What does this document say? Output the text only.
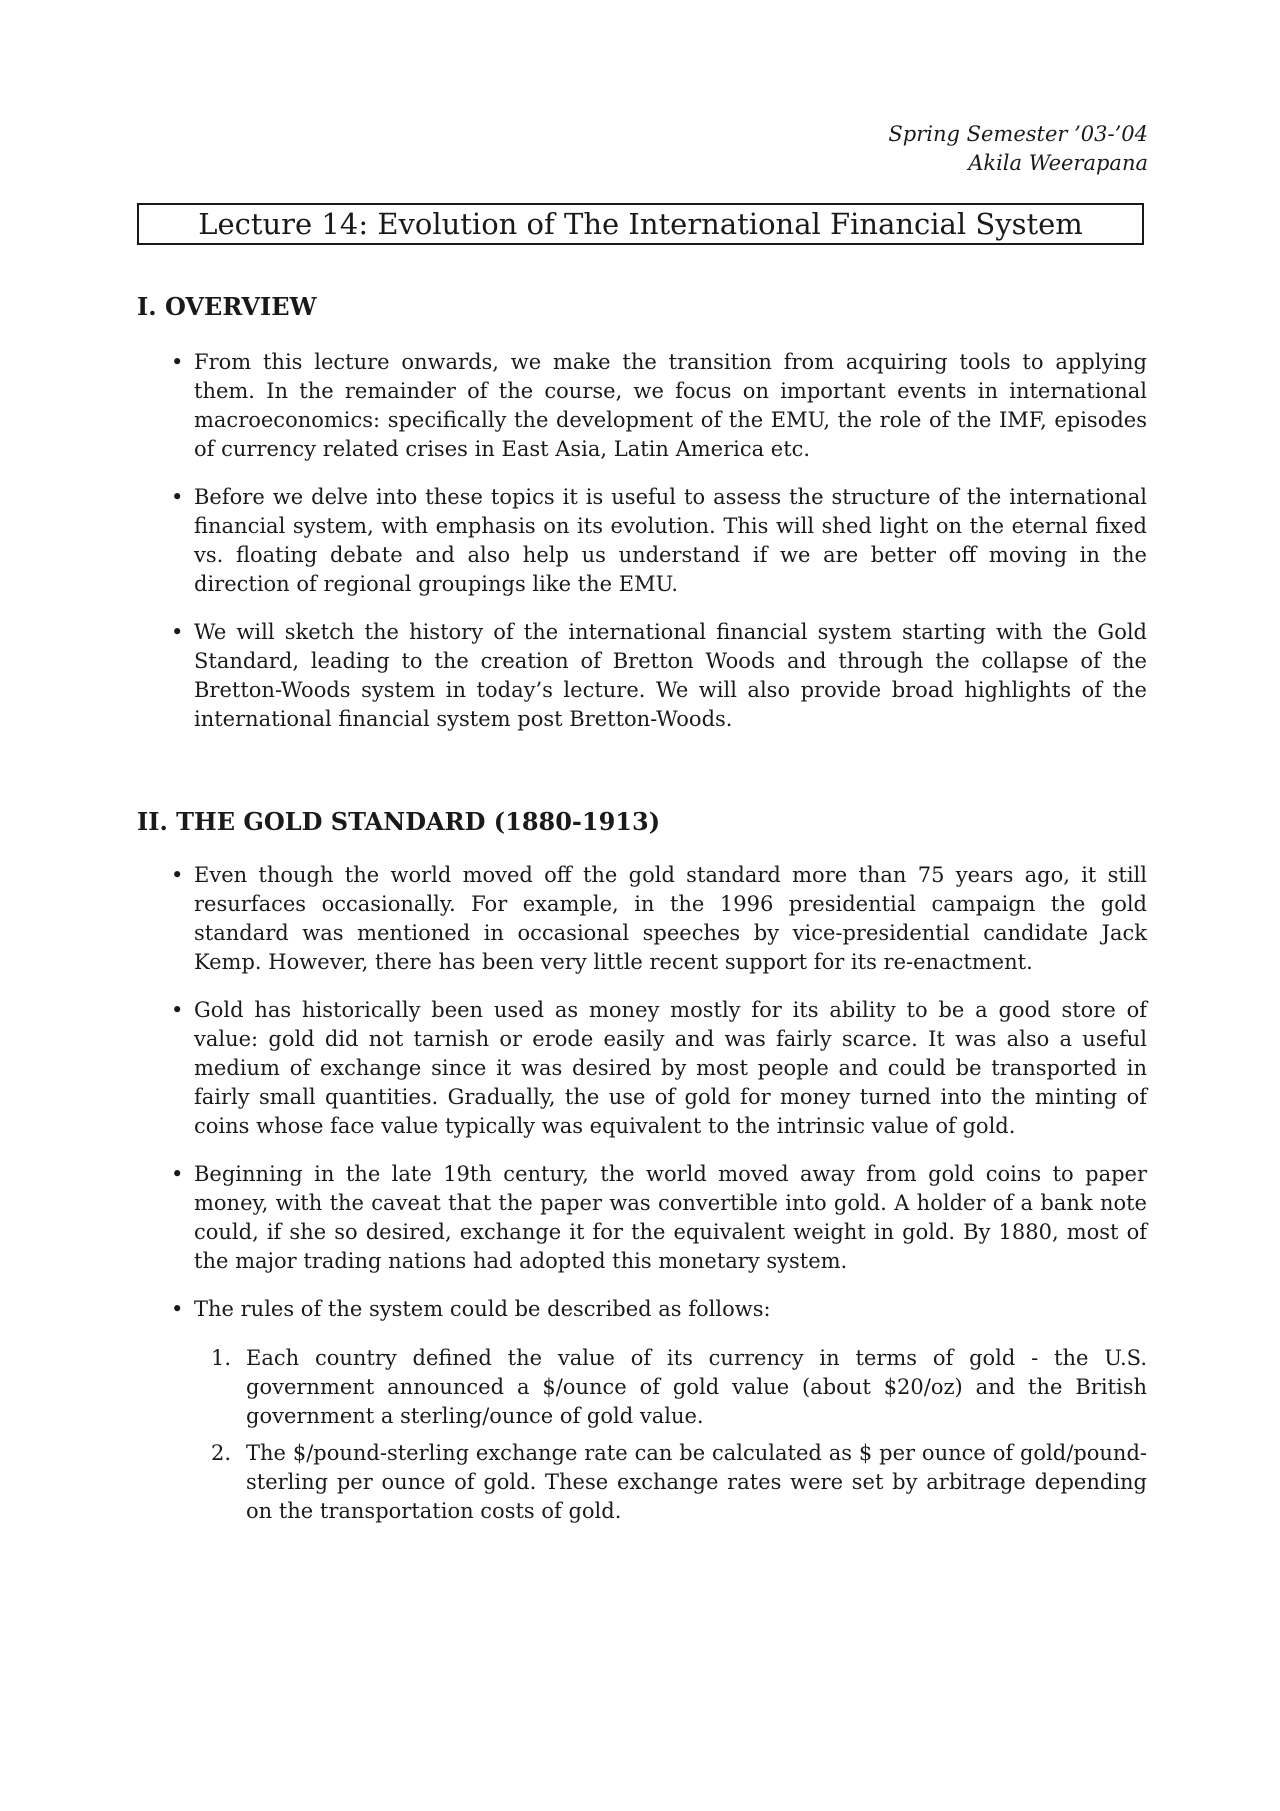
Spring Semester ’03-’04
Akila Weerapana
Lecture 14: Evolution of The International Financial System
I. OVERVIEW
• From this lecture onwards, we make the transition from acquiring tools to applying them. In the remainder of the course, we focus on important events in international macroeconomics: specifically the development of the EMU, the role of the IMF, episodes of currency related crises in East Asia, Latin America etc.
• Before we delve into these topics it is useful to assess the structure of the international financial system, with emphasis on its evolution. This will shed light on the eternal fixed vs. floating debate and also help us understand if we are better off moving in the direction of regional groupings like the EMU.
• We will sketch the history of the international financial system starting with the Gold Standard, leading to the creation of Bretton Woods and through the collapse of the Bretton-Woods system in today’s lecture. We will also provide broad highlights of the international financial system post Bretton-Woods.
II. THE GOLD STANDARD (1880-1913)
• Even though the world moved off the gold standard more than 75 years ago, it still resurfaces occasionally. For example, in the 1996 presidential campaign the gold standard was mentioned in occasional speeches by vice-presidential candidate Jack Kemp. However, there has been very little recent support for its re-enactment.
• Gold has historically been used as money mostly for its ability to be a good store of value: gold did not tarnish or erode easily and was fairly scarce. It was also a useful medium of exchange since it was desired by most people and could be transported in fairly small quantities. Gradually, the use of gold for money turned into the minting of coins whose face value typically was equivalent to the intrinsic value of gold.
• Beginning in the late 19th century, the world moved away from gold coins to paper money, with the caveat that the paper was convertible into gold. A holder of a bank note could, if she so desired, exchange it for the equivalent weight in gold. By 1880, most of the major trading nations had adopted this monetary system.
• The rules of the system could be described as follows:
1. Each country defined the value of its currency in terms of gold - the U.S. government announced a $/ounce of gold value (about $20/oz) and the British government a sterling/ounce of gold value.
2. The $/pound-sterling exchange rate can be calculated as $ per ounce of gold/pound-sterling per ounce of gold. These exchange rates were set by arbitrage depending on the transportation costs of gold.
